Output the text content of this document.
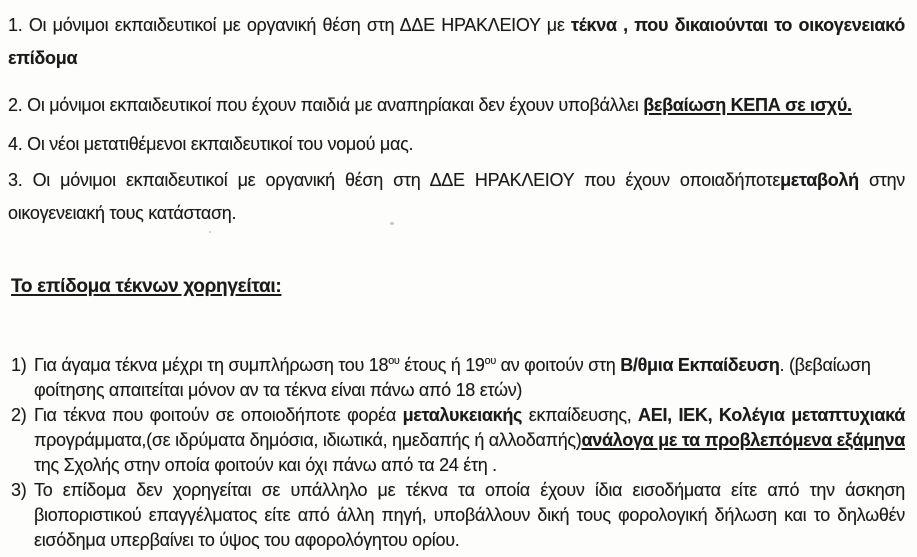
1. Οι μόνιμοι εκπαιδευτικοί με οργανική θέση στη ΔΔΕ ΗΡΑΚΛΕΙΟΥ με τέκνα , που δικαιούνται το οικογενειακό επίδομα

2. Οι μόνιμοι εκπαιδευτικοί που έχουν παιδιά με αναπηρίακαι δεν έχουν υποβάλλει βεβαίωση ΚΕΠΑ σε ισχύ.

4. Οι νέοι μετατιθέμενοι εκπαιδευτικοί του νομού μας.

3. Οι μόνιμοι εκπαιδευτικοί με οργανική θέση στη ΔΔΕ ΗΡΑΚΛΕΙΟΥ που έχουν οποιαδήποτεμεταβολή στην οικογενειακή τους κατάσταση.

Το επίδομα τέκνων χορηγείται:
1) Για άγαμα τέκνα μέχρι τη συμπλήρωση του $18^{o\upsilon}$ έτους ή $19^{o\upsilon}$ αν φοιτούν στη Β/θμια Εκπαίδευση. (βεβαίωση φοίτησης απαιτείται μόνον αν τα τέκνα είναι πάνω από 18 ετών)
2) Για τέκνα που φοιτούν σε οποιοδήποτε φορέα μεταλυκειακής εκπαίδευσης, ΑΕΙ, ΙΕΚ, Κολέγια μεταπτυχιακά προγράμματα,(σε ιδρύματα δημόσια, ιδιωτικά, ημεδαπής ή αλλοδαπής)ανάλογα με τα προβλεπόμενα εξάμηνα της Σχολής στην οποία φοιτούν και όχι πάνω από τα 24 έτη .
3) Το επίδομα δεν χορηγείται σε υπάλληλο με τέκνα τα οποία έχουν ίδια εισοδήματα είτε από την άσκηση βιοποριστικού επαγγέλματος είτε από άλλη πηγή, υποβάλλουν δική τους φορολογική δήλωση και το δηλωθέν εισόδημα υπερβαίνει το ύψος του αφορολόγητου ορίου.
